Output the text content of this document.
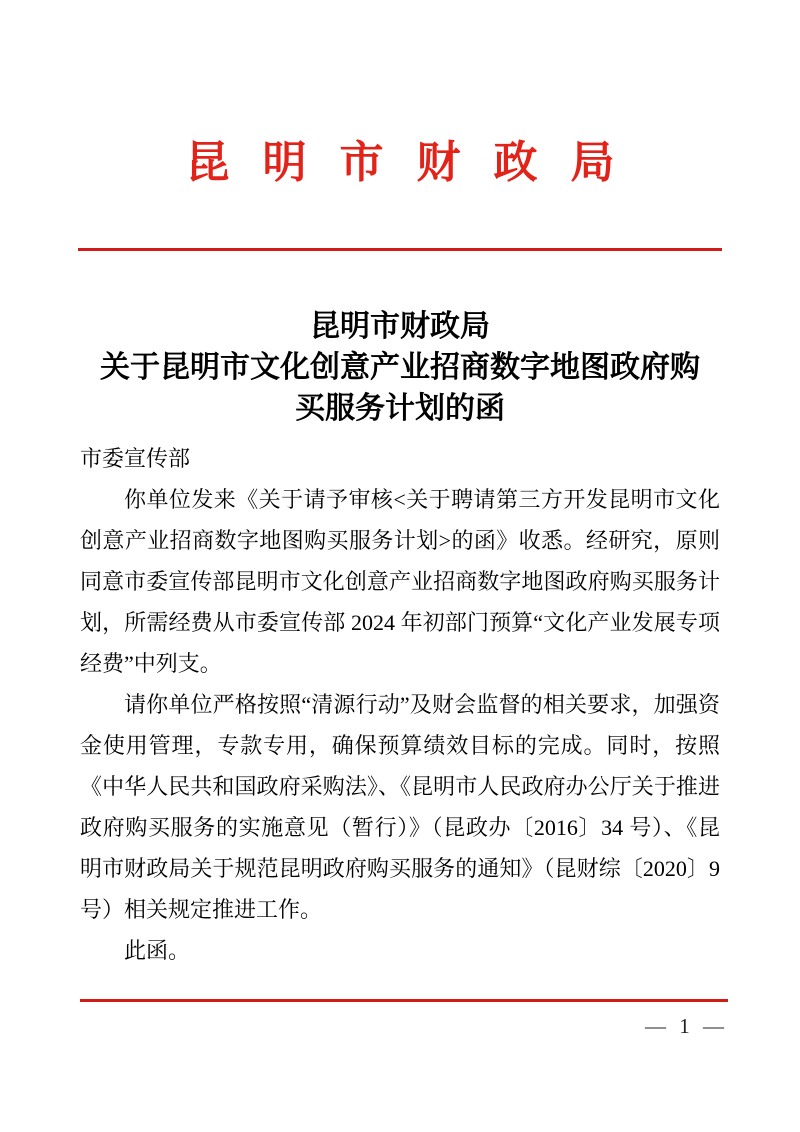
昆明市财政局
昆明市财政局
关于昆明市文化创意产业招商数字地图政府购
买服务计划的函

市委宣传部

你单位发来《关于请予审核<关于聘请第三方开发昆明市文化创意产业招商数字地图购买服务计划>的函》收悉。经研究，原则同意市委宣传部昆明市文化创意产业招商数字地图政府购买服务计划，所需经费从市委宣传部 2024 年初部门预算“文化产业发展专项经费”中列支。

请你单位严格按照“清源行动”及财会监督的相关要求，加强资金使用管理，专款专用，确保预算绩效目标的完成。同时，按照《中华人民共和国政府采购法》、《昆明市人民政府办公厅关于推进政府购买服务的实施意见（暂行）》（昆政办〔2016〕34 号）、《昆明市财政局关于规范昆明政府购买服务的通知》（昆财综〔2020〕9 号）相关规定推进工作。

此函。

— 1 —
